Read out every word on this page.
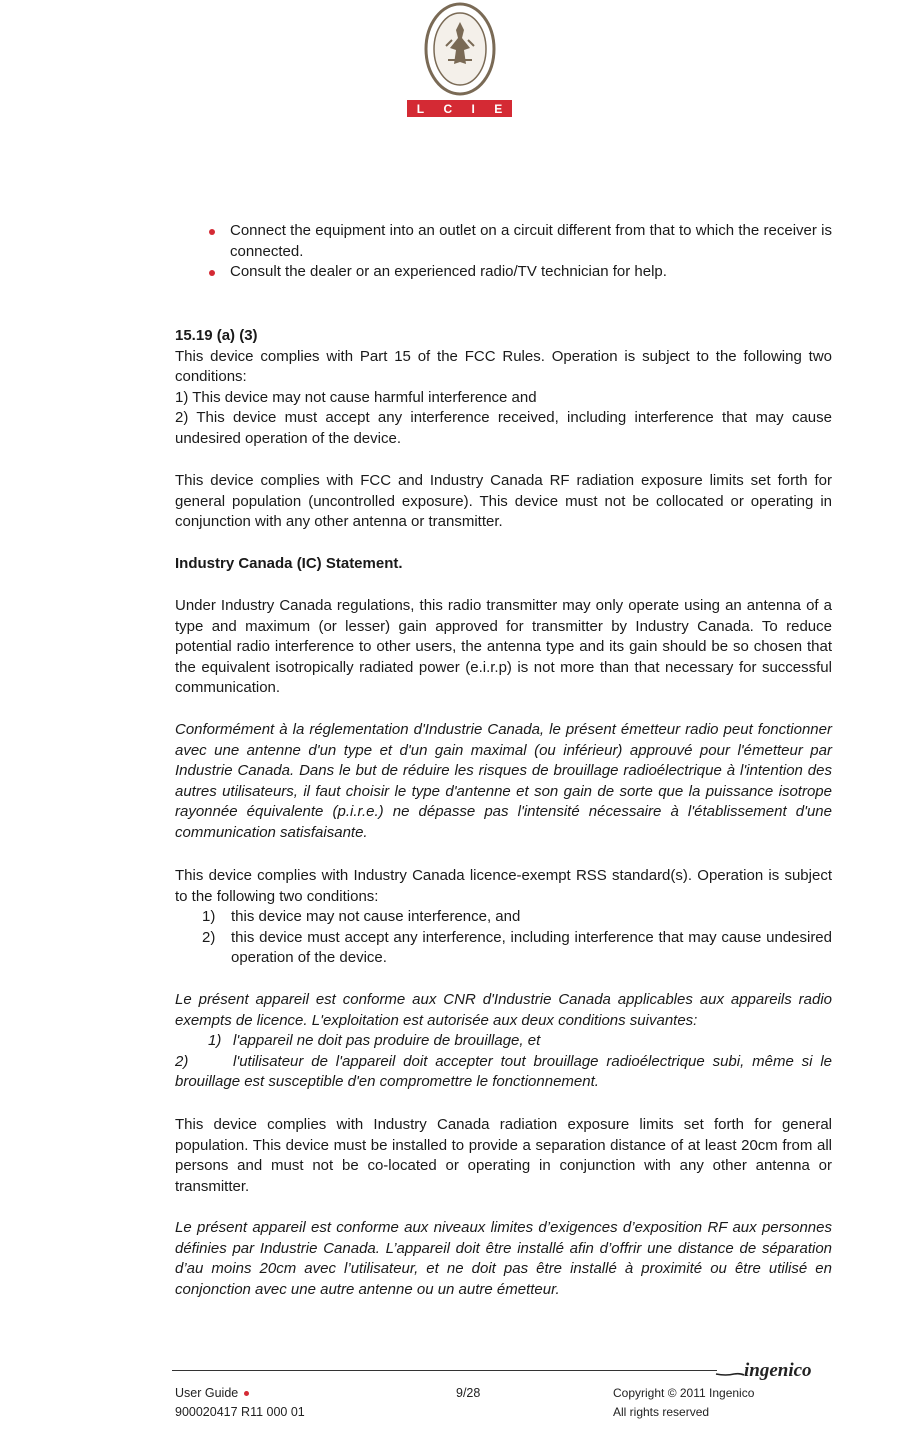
L C I E

Connect the equipment into an outlet on a circuit different from that to which the receiver is connected.

Consult the dealer or an experienced radio/TV technician for help.

15.19 (a) (3)

This device complies with Part 15 of the FCC Rules. Operation is subject to the following two conditions:

1) This device may not cause harmful interference and

2) This device must accept any interference received, including interference that may cause undesired operation of the device.

This device complies with FCC and Industry Canada RF radiation exposure limits set forth for general population (uncontrolled exposure). This device must not be collocated or operating in conjunction with any other antenna or transmitter.

Industry Canada (IC) Statement.

Under Industry Canada regulations, this radio transmitter may only operate using an antenna of a type and maximum (or lesser) gain approved for transmitter by Industry Canada. To reduce potential radio interference to other users, the antenna type and its gain should be so chosen that the equivalent isotropically radiated power (e.i.r.p) is not more than that necessary for successful communication.

Conformément à la réglementation d'Industrie Canada, le présent émetteur radio peut fonctionner avec une antenne d'un type et d'un gain maximal (ou inférieur) approuvé pour l'émetteur par Industrie Canada. Dans le but de réduire les risques de brouillage radioélectrique à l'intention des autres utilisateurs, il faut choisir le type d'antenne et son gain de sorte que la puissance isotrope rayonnée équivalente (p.i.r.e.) ne dépasse pas l'intensité nécessaire à l'établissement d'une communication satisfaisante.

This device complies with Industry Canada licence-exempt RSS standard(s). Operation is subject to the following two conditions:

1) this device may not cause interference, and
2) this device must accept any interference, including interference that may cause undesired operation of the device.

Le présent appareil est conforme aux CNR d'Industrie Canada applicables aux appareils radio exempts de licence. L'exploitation est autorisée aux deux conditions suivantes:

1) l'appareil ne doit pas produire de brouillage, et

2)	l'utilisateur de l'appareil doit accepter tout brouillage radioélectrique subi, même si le brouillage est susceptible d'en compromettre le fonctionnement.

This device complies with Industry Canada radiation exposure limits set forth for general population. This device must be installed to provide a separation distance of at least 20cm from all persons and must not be co-located or operating in conjunction with any other antenna or transmitter.

Le présent appareil est conforme aux niveaux limites d’exigences d’exposition RF aux personnes définies par Industrie Canada. L’appareil doit être installé afin d’offrir une distance de séparation d’au moins 20cm avec l’utilisateur, et ne doit pas être installé à proximité ou être utilisé en conjonction avec une autre antenne ou un autre émetteur.

ingenico
User Guide
900020417 R11 000 01
9/28	Copyright © 2011 Ingenico
All rights reserved
